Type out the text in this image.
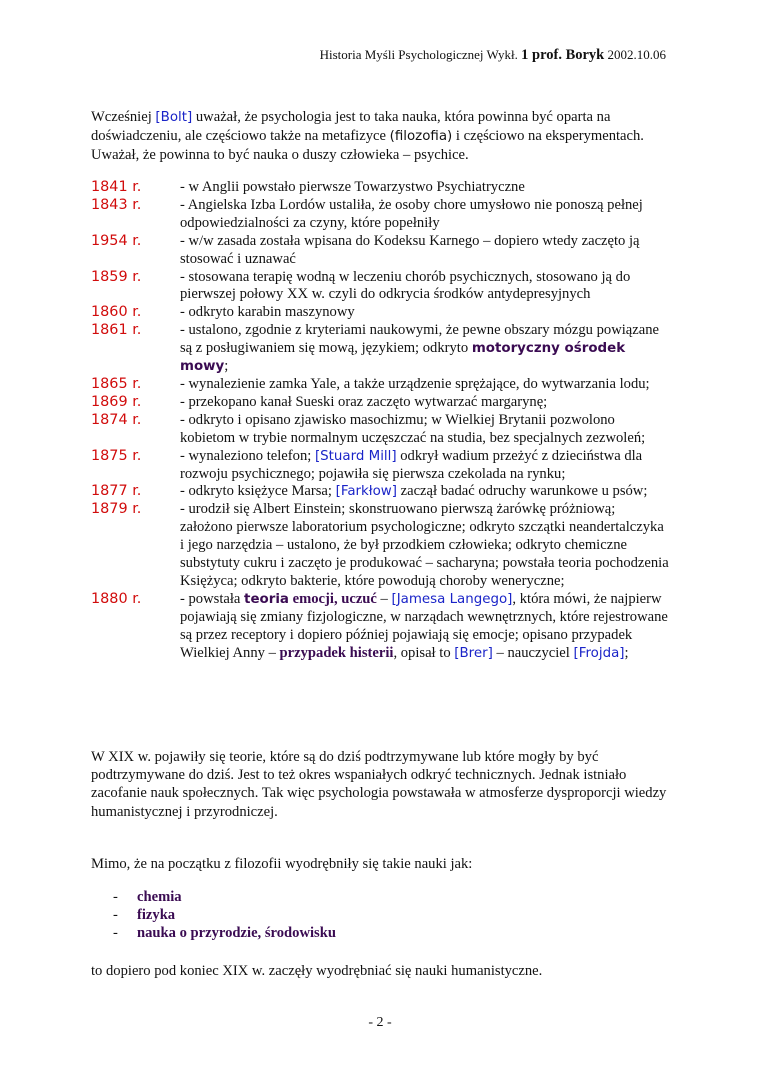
Historia Myśli Psychologicznej Wykł. 1 prof. Boryk 2002.10.06

Wcześniej [Bolt] uważał, że psychologia jest to taka nauka, która powinna być oparta na doświadczeniu, ale częściowo także na metafizyce (filozofia) i częściowo na eksperymentach. Uważał, że powinna to być nauka o duszy człowieka – psychice.

1841 r.	- w Anglii powstało pierwsze Towarzystwo Psychiatryczne
1843 r.	- Angielska Izba Lordów ustaliła, że osoby chore umysłowo nie ponoszą pełnej odpowiedzialności za czyny, które popełniły
1954 r.	- w/w zasada została wpisana do Kodeksu Karnego – dopiero wtedy zaczęto ją stosować i uznawać
1859 r.	- stosowana terapię wodną w leczeniu chorób psychicznych, stosowano ją do pierwszej połowy XX w. czyli do odkrycia środków antydepresyjnych
1860 r.	- odkryto karabin maszynowy
1861 r.	- ustalono, zgodnie z kryteriami naukowymi, że pewne obszary mózgu powiązane są z posługiwaniem się mową, językiem; odkryto motoryczny ośrodek mowy;
1865 r.	- wynalezienie zamka Yale, a także urządzenie sprężające, do wytwarzania lodu;
1869 r.	- przekopano kanał Sueski oraz zaczęto wytwarzać margarynę;
1874 r.	- odkryto i opisano zjawisko masochizmu; w Wielkiej Brytanii pozwolono kobietom w trybie normalnym uczęszczać na studia, bez specjalnych zezwoleń;
1875 r.	- wynaleziono telefon; [Stuard Mill] odkrył wadium przeżyć z dzieciństwa dla rozwoju psychicznego; pojawiła się pierwsza czekolada na rynku;
1877 r.	- odkryto księżyce Marsa; [Farkłow] zaczął badać odruchy warunkowe u psów;
1879 r.	- urodził się Albert Einstein; skonstruowano pierwszą żarówkę próżniową; założono pierwsze laboratorium psychologiczne; odkryto szczątki neandertalczyka i jego narzędzia – ustalono, że był przodkiem człowieka; odkryto chemiczne substytuty cukru i zaczęto je produkować – sacharyna; powstała teoria pochodzenia Księżyca; odkryto bakterie, które powodują choroby weneryczne;
1880 r.	- powstała teoria emocji, uczuć – [Jamesa Langego], która mówi, że najpierw pojawiają się zmiany fizjologiczne, w narządach wewnętrznych, które rejestrowane są przez receptory i dopiero później pojawiają się emocje; opisano przypadek Wielkiej Anny – przypadek histerii, opisał to [Brer] – nauczyciel [Frojda];

W XIX w. pojawiły się teorie, które są do dziś podtrzymywane lub które mogły by być podtrzymywane do dziś. Jest to też okres wspaniałych odkryć technicznych. Jednak istniało zacofanie nauk społecznych. Tak więc psychologia powstawała w atmosferze dysproporcji wiedzy humanistycznej i przyrodniczej.

Mimo, że na początku z filozofii wyodrębniły się takie nauki jak:

-	chemia
-	fizyka
-	nauka o przyrodzie, środowisku

to dopiero pod koniec XIX w. zaczęły wyodrębniać się nauki humanistyczne.

- 2 -
